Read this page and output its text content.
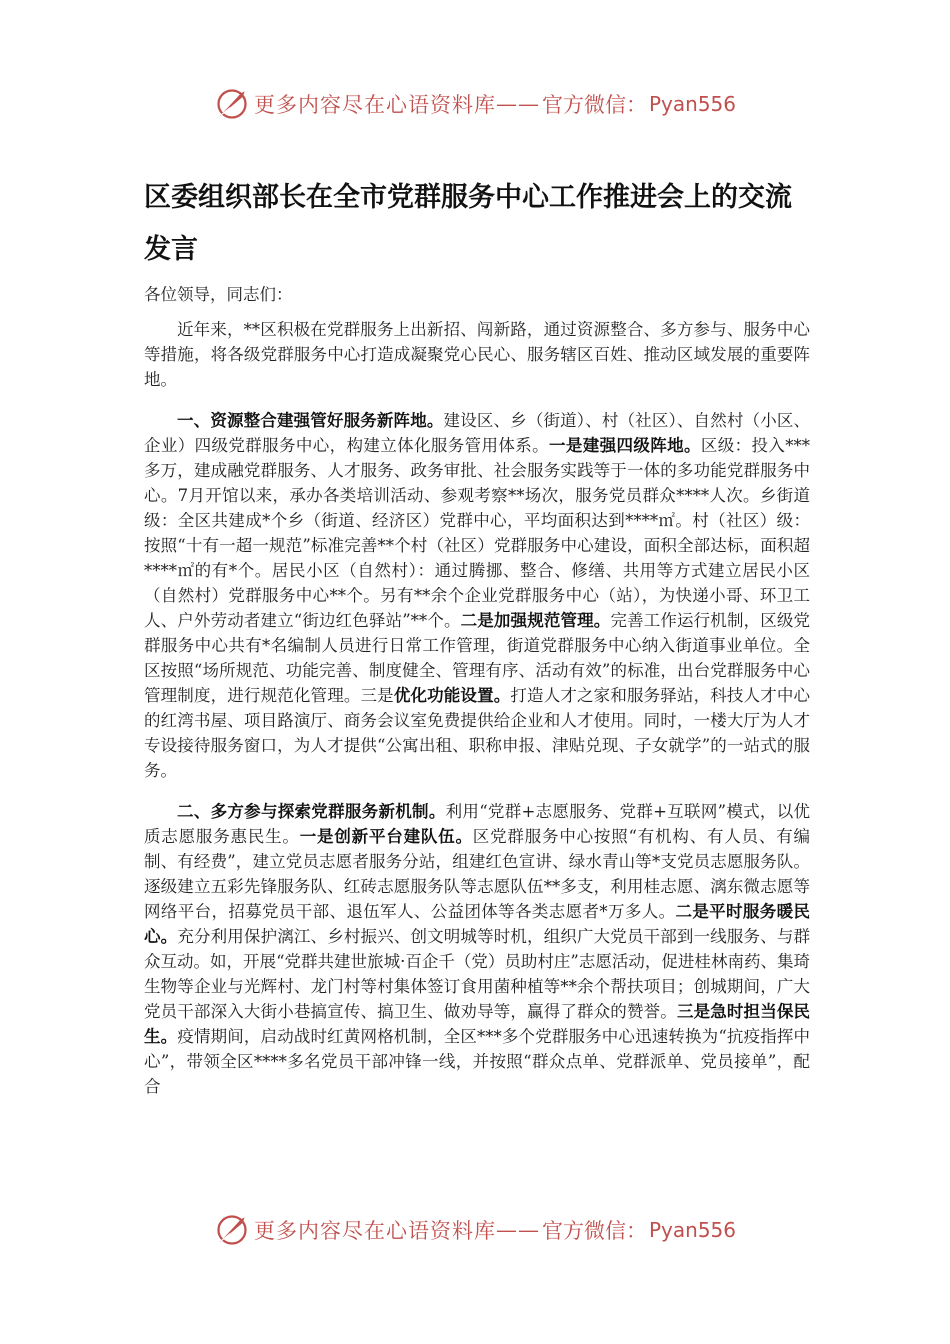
更多内容尽在心语资料库 —— 官方微信： Pyan556
区委组织部长在全市党群服务中心工作推进会上的交流发言

各位领导，同志们：

近年来，**区积极在党群服务上出新招、闯新路，通过资源整合、多方参与、服务中心等措施，将各级党群服务中心打造成凝聚党心民心、服务辖区百姓、推动区域发展的重要阵地。

一、资源整合建强管好服务新阵地。建设区、乡（街道）、村（社区）、自然村（小区、企业）四级党群服务中心，构建立体化服务管用体系。一是建强四级阵地。区级：投入***多万，建成融党群服务、人才服务、政务审批、社会服务实践等于一体的多功能党群服务中心。7月开馆以来，承办各类培训活动、参观考察**场次，服务党员群众****人次。乡街道级：全区共建成*个乡（街道、经济区）党群中心，平均面积达到****㎡。村（社区）级：按照“十有一超一规范”标准完善**个村（社区）党群服务中心建设，面积全部达标，面积超****㎡的有*个。居民小区（自然村）：通过腾挪、整合、修缮、共用等方式建立居民小区（自然村）党群服务中心**个。另有**余个企业党群服务中心（站），为快递小哥、环卫工人、户外劳动者建立“街边红色驿站”**个。二是加强规范管理。完善工作运行机制，区级党群服务中心共有*名编制人员进行日常工作管理，街道党群服务中心纳入街道事业单位。全区按照“场所规范、功能完善、制度健全、管理有序、活动有效”的标准，出台党群服务中心管理制度，进行规范化管理。三是优化功能设置。打造人才之家和服务驿站，科技人才中心的红湾书屋、项目路演厅、商务会议室免费提供给企业和人才使用。同时，一楼大厅为人才专设接待服务窗口，为人才提供“公寓出租、职称申报、津贴兑现、子女就学”的一站式的服务。

二、多方参与探索党群服务新机制。利用“党群+志愿服务、党群+互联网”模式，以优质志愿服务惠民生。一是创新平台建队伍。区党群服务中心按照“有机构、有人员、有编制、有经费”，建立党员志愿者服务分站，组建红色宣讲、绿水青山等*支党员志愿服务队。逐级建立五彩先锋服务队、红砖志愿服务队等志愿队伍**多支，利用桂志愿、漓东微志愿等网络平台，招募党员干部、退伍军人、公益团体等各类志愿者*万多人。二是平时服务暖民心。充分利用保护漓江、乡村振兴、创文明城等时机，组织广大党员干部到一线服务、与群众互动。如，开展“党群共建世旅城·百企千（党）员助村庄”志愿活动，促进桂林南药、集琦生物等企业与光辉村、龙门村等村集体签订食用菌种植等**余个帮扶项目；创城期间，广大党员干部深入大街小巷搞宣传、搞卫生、做劝导等，赢得了群众的赞誉。三是急时担当保民生。疫情期间，启动战时红黄网格机制，全区***多个党群服务中心迅速转换为“抗疫指挥中心”，带领全区****多名党员干部冲锋一线，并按照“群众点单、党群派单、党员接单”，配合

更多内容尽在心语资料库 —— 官方微信： Pyan556
